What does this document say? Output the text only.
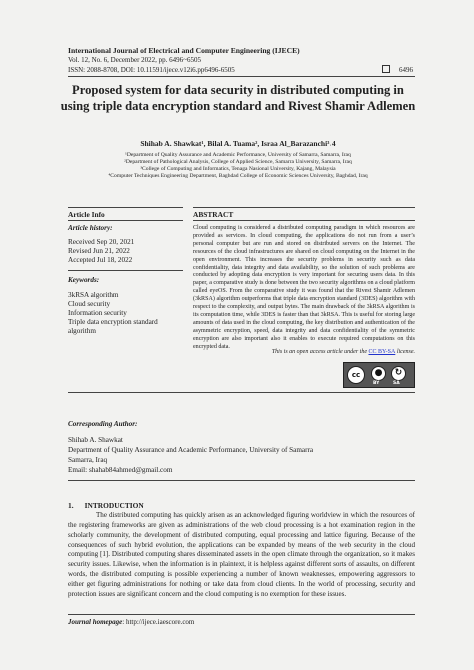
International Journal of Electrical and Computer Engineering (IJECE)
Vol. 12, No. 6, December 2022, pp. 6496~6505
ISSN: 2088-8708, DOI: 10.11591/ijece.v12i6.pp6496-6505	6496
Proposed system for data security in distributed computing in using triple data encryption standard and Rivest Shamir Adlemen
Shihab A. Shawkat¹, Bilal A. Tuama², Israa Al_Barazanchi³˒4
¹Department of Quality Assurance and Academic Performance, University of Samarra, Samarra, Iraq
²Department of Pathological Analysis, College of Applied Science, Samarra University, Samarra, Iraq
³College of Computing and Informatics, Tenaga Nasional University, Kajang, Malaysia
⁴Computer Techniques Engineering Department, Baghdad College of Economic Sciences University, Baghdad, Iraq
Article Info
Article history:
Received Sep 20, 2021
Revised Jun 21, 2022
Accepted Jul 18, 2022
Keywords:
3kRSA algorithm
Cloud security
Information security
Triple data encryption standard
algorithm
ABSTRACT
Cloud computing is considered a distributed computing paradigm in which resources are provided as services. In cloud computing, the applications do not run from a user’s personal computer but are run and stored on distributed servers on the Internet. The resources of the cloud infrastructures are shared on cloud computing on the Internet in the open environment. This increases the security problems in security such as data confidentiality, data integrity and data availability, so the solution of such problems are conducted by adopting data encryption is very important for securing users data. In this paper, a comparative study is done between the two security algorithms on a cloud platform called eyeOS. From the comparative study it was found that the Rivest Shamir Adlemen (3kRSA) algorithm outperforms that triple data encryption standard (3DES) algorithm with respect to the complexity, and output bytes. The main drawback of the 3kRSA algorithm is its computation time, while 3DES is faster than that 3kRSA. This is useful for storing large amounts of data used in the cloud computing, the key distribution and authentication of the asymmetric encryption, speed, data integrity and data confidentiality of the symmetric encryption are also important also it enables to execute required computations on this encrypted data.
This is an open access article under the CC BY-SA license.
cc	●	↻
BY	SA
Corresponding Author:
Shihab A. Shawkat
Department of Quality Assurance and Academic Performance, University of Samarra
Samarra, Iraq
Email: shahab84ahmed@gmail.com
1.      INTRODUCTION
The distributed computing has quickly arisen as an acknowledged figuring worldview in which the resources of the registering frameworks are given as administrations of the web cloud processing is a hot examination region in the scholarly community, the development of distributed computing, equal processing and lattice figuring. Because of the consequences of such hybrid evolution, the applications can be expanded by means of the web security in the cloud computing [1]. Distributed computing shares disseminated assets in the open climate through the organization, so it makes security issues. Likewise, when the information is in plaintext, it is helpless against different sorts of assaults, on different words, the distributed computing is possible experiencing a number of known weaknesses, empowering aggressors to either get figuring administrations for nothing or take data from cloud clients. In the world of processing, security and protection issues are significant concern and the cloud computing is no exemption for these issues.
Journal homepage: http://ijece.iaescore.com
